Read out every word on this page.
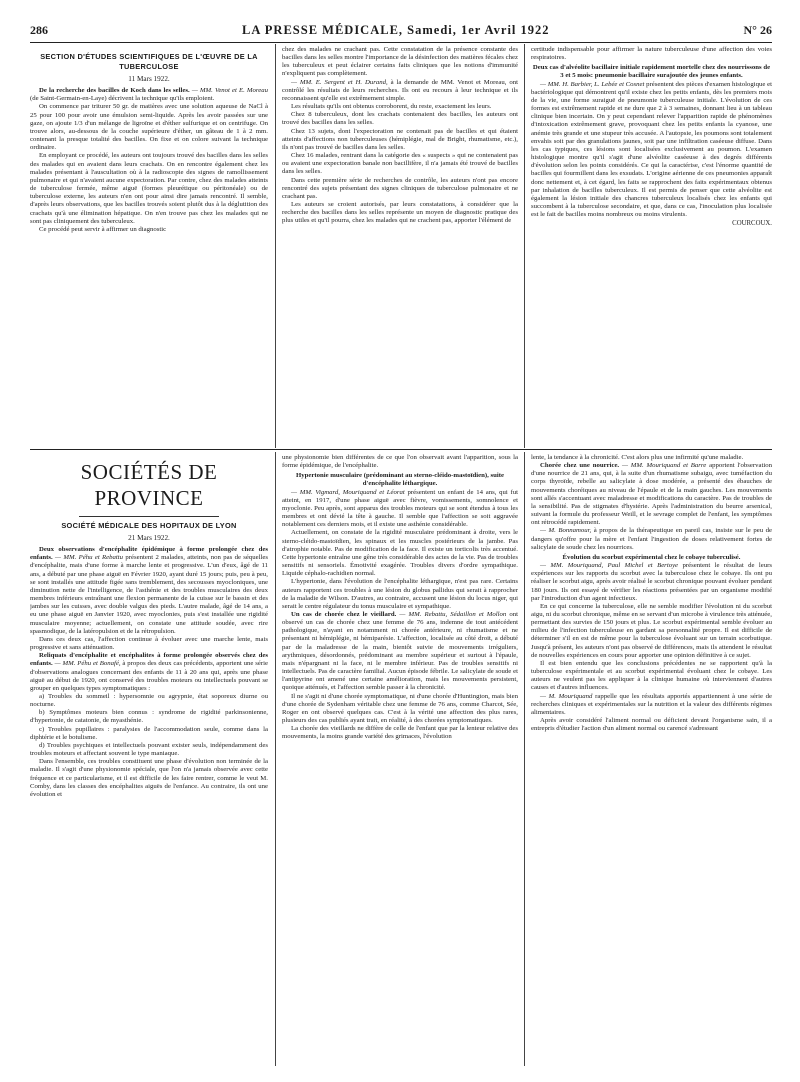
286	LA PRESSE MÉDICALE, Samedi, 1er Avril 1922	N° 26
SECTION D'ÉTUDES SCIENTIFIQUES DE L'ŒUVRE DE LA TUBERCULOSE
11 Mars 1922.

De la recherche des bacilles de Koch dans les selles. — MM. Venot et E. Moreau (de Saint-Germain-en-Laye) décrivent la technique qu'ils emploient.

On commence par triturer 50 gr. de matières avec une solution aqueuse de NaCl à 25 pour 100 pour avoir une émulsion semi-liquide. Après les avoir passées sur une gaze, on ajoute 1/3 d'un mélange de ligroïne et d'éther sulfurique et on centrifuge. On trouve alors, au-dessous de la couche supérieure d'éther, un gâteau de 1 à 2 mm. contenant la presque totalité des bacilles. On fixe et on colore suivant la technique ordinaire.

En employant ce procédé, les auteurs ont toujours trouvé des bacilles dans les selles des malades qui en avaient dans leurs crachats. On en rencontre également chez les malades présentant à l'auscultation où à la radioscopie des signes de ramollissement pulmonaire et qui n'avaient aucune expectoration. Par contre, chez des malades atteints de tuberculose fermée, même aiguë (formes pleurétique ou péritonéale) ou de tuberculose externe, les auteurs n'en ont pour ainsi dire jamais rencontré. Il semble, d'après leurs observations, que les bacilles trouvés soient plutôt dus à la déglutition des crachats qu'à une élimination hépatique. On n'en trouve pas chez les malades qui ne sont pas cliniquement des tuberculeux.

Ce procédé peut servir à affirmer un diagnostic

chez des malades ne crachant pas. Cette constatation de la présence constante des bacilles dans les selles montre l'importance de la désinfection des matières fécales chez les tuberculeux et peut éclairer certains faits cliniques que les notions d'immunité n'expliquent pas complètement.

— MM. E. Sergent et H. Durand, à la demande de MM. Venot et Moreau, ont contrôlé les résultats de leurs recherches. Ils ont eu recours à leur technique et ils reconnaissent qu'elle est extrêmement simple.

Les résultats qu'ils ont obtenus corroborent, du reste, exactement les leurs.

Chez 8 tuberculeux, dont les crachats contenaient des bacilles, les auteurs ont trouvé des bacilles dans les selles.

Chez 13 sujets, dont l'expectoration ne contenait pas de bacilles et qui étaient atteints d'affections non tuberculeuses (hémiplégie, mal de Bright, rhumatisme, etc.), ils n'ont pas trouvé de bacilles dans les selles.

Chez 16 malades, rentrant dans la catégorie des « suspects » qui ne contenaient pas ou avaient une expectoration banale non bacillifère, il n'a jamais été trouvé de bacilles dans les selles.

Dans cette première série de recherches de contrôle, les auteurs n'ont pas encore rencontré des sujets présentant des signes cliniques de tuberculose pulmonaire et ne crachant pas.

Les auteurs se croient autorisés, par leurs constatations, à considérer que la recherche des bacilles dans les selles représente un moyen de diagnostic pratique des plus utiles et qu'il pourra, chez les malades qui ne crachent pas, apporter l'élément de

certitude indispensable pour affirmer la nature tuberculeuse d'une affection des voies respiratoires.

Deux cas d'alvéolite bacillaire initiale rapidement mortelle chez des nourrissons de 3 et 5 mois: pneumonie bacillaire surajoutée des jeunes enfants.

— MM. H. Barbier, L. Lebée et Cosnet présentent des pièces d'examen histologique et bactériologique qui démontrent qu'il existe chez les petits enfants, dès les premiers mois de la vie, une forme suraiguë de pneumonie tuberculeuse initiale. L'évolution de ces formes est extrêmement rapide et ne dure que 2 à 3 semaines, donnant lieu à un tableau clinique bien incertain. On y peut cependant relever l'apparition rapide de phénomènes d'intoxication extrêmement grave, provoquant chez les petits enfants la cyanose, une anémie très grande et une stupeur très accusée. A l'autopsie, les poumons sont totalement envahis soit par des granulations jaunes, soit par une infiltration caséeuse diffuse. Dans les cas typiques, ces lésions sont localisées exclusivement au poumon. L'examen histologique montre qu'il s'agit d'une alvéolite caséeuse à des degrés différents d'évolution selon les points considérés. Ce qui la caractérise, c'est l'énorme quantité de bacilles qui fourmillent dans les exsudats. L'origine aérienne de ces pneumonies apparaît donc nettement et, à cet égard, les faits se rapprochent des faits expérimentaux obtenus par inhalation de bacilles tuberculeux. Il est permis de penser que cette alvéolite est également la lésion initiale des chancres tuberculeux localisés chez les enfants qui succombent à la tuberculose secondaire, et que, dans ce cas, l'inoculation plus localisée est le fait de bacilles moins nombreux ou moins virulents.

COURCOUX.
SOCIÉTÉS DE PROVINCE
SOCIÉTÉ MÉDICALE DES HOPITAUX DE LYON
21 Mars 1922.

Deux observations d'encéphalite épidémique à forme prolongée chez des enfants. — MM. Péhu et Rebattu présentent 2 malades, atteints, non pas de séquelles d'encéphalite, mais d'une forme à marche lente et progressive. L'un d'eux, âgé de 11 ans, a débuté par une phase aiguë en Février 1920, ayant duré 15 jours; puis, peu à peu, se sont installés une attitude figée sans tremblement, des secousses myocloniques, une diminution nette de l'intelligence, de l'asthénie et des troubles musculaires des deux membres inférieurs entraînant une flexion permanente de la cuisse sur le bassin et des jambes sur les cuisses, avec double valgus des pieds. L'autre malade, âgé de 14 ans, a eu une phase aiguë en Janvier 1920, avec myoclonies, puis s'est installée une rigidité musculaire moyenne; actuellement, on constate une attitude soudée, avec rire spasmodique, de la latéropulsion et de la rétropulsion.

Dans ces deux cas, l'affection continue à évoluer avec une marche lente, mais progressive et sans atténuation.

Reliquats d'encéphalite et encéphalites à forme prolongée observés chez des enfants. — MM. Péhu et Bonafé, à propos des deux cas précédents, apportent une série d'observations analogues concernant des enfants de 11 à 20 ans qui, après une phase aiguë au début de 1920, ont conservé des troubles moteurs ou intellectuels pouvant se grouper en quelques types symptomatiques :

a) Troubles du sommeil : hypersomnie ou agrypnie, état soporeux diurne ou nocturne.

b) Symptômes moteurs bien connus : syndrome de rigidité parkinsonienne, d'hypertonie, de catatonie, de myasthénie.

c) Troubles pupillaires : paralysies de l'accommodation seule, comme dans la diphtérie et le botulisme.

d) Troubles psychiques et intellectuels pouvant exister seuls, indépendamment des troubles moteurs et affectant souvent le type maniaque.

Dans l'ensemble, ces troubles constituent une phase d'évolution non terminée de la maladie. Il s'agit d'une physionomie spéciale, que l'on n'a jamais observée avec cette fréquence et ce particularisme, et il est difficile de les faire rentrer, comme le veut M. Comby, dans les classes des encéphalites aiguës de l'enfance. Au contraire, ils ont une évolution et

une physionomie bien différentes de ce que l'on observait avant l'apparition, sous la forme épidémique, de l'encéphalite.

Hypertonie musculaire (prédominant au sterno-cléido-mastoïdien), suite d'encéphalite léthargique.

— MM. Vigmard, Mouriquand et Léorat présentent un enfant de 14 ans, qui fut atteint, en 1917, d'une phase aiguë avec fièvre, vomissements, somnolence et myoclonie. Peu après, sont apparus des troubles moteurs qui se sont étendus à tous les membres et ont dévié la tête à gauche. Il semble que l'affection se soit aggravée notablement ces derniers mois, et il existe une asthénie considérable.

Actuellement, on constate de la rigidité musculaire prédominant à droite, vers le sterno-cléido-mastoïdien, les spinaux et les muscles postérieurs de la jambe. Pas d'atrophie notable. Pas de modification de la face. Il existe un torticolis très accentué. Cette hypertonie entraîne une gêne très considérable des actes de la vie. Pas de troubles sensitifs ni sensoriels. Émotivité exagérée. Troubles divers d'ordre sympathique. Liquide céphalo-rachidien normal.

L'hypertonie, dans l'évolution de l'encéphalite léthargique, n'est pas rare. Certains auteurs rapportent ces troubles à une lésion du globus pallidus qui serait à rapprocher de la maladie de Wilson. D'autres, au contraire, accusent une lésion du locus niger, qui serait le centre régulateur du tonus musculaire et sympathique.

Un cas de chorée chez le vieillard. — MM. Rebattu, Sédaillon et Mollon ont observé un cas de chorée chez une femme de 76 ans, indemne de tout antécédent pathologique, n'ayant en notamment ni chorée antérieure, ni rhumatisme et ne présentant ni hémiplégie, ni hémiparésie. L'affection, localisée au côté droit, a débuté par de la maladresse de la main, bientôt suivie de mouvements irréguliers, arythmiques, désordonnés, prédominant au membre supérieur et surtout à l'épaule, mais n'épargnant ni la face, ni le membre inférieur. Pas de troubles sensitifs ni intellectuels. Pas de caractère familial. Aucun épisode fébrile. Le salicylate de soude et l'antipyrine ont amené une certaine amélioration, mais les mouvements persistent, quoique atténués, et l'affection semble passer à la chronicité.

Il ne s'agit ni d'une chorée symptomatique, ni d'une chorée d'Huntington, mais bien d'une chorée de Sydenham véritable chez une femme de 76 ans, comme Charcot, Sée, Roger en ont observé quelques cas. C'est à la vérité une affection des plus rares, plusieurs des cas publiés ayant trait, en réalité, à des chorées symptomatiques.

La chorée des vieillards ne diffère de celle de l'enfant que par la lenteur relative des mouvements, la moins grande variété des grimaces, l'évolution

lente, la tendance à la chronicité. C'est alors plus une infirmité qu'une maladie.

Chorée chez une nourrice. — MM. Mouriquand et Barre apportent l'observation d'une nourrice de 21 ans, qui, à la suite d'un rhumatisme subaigu, avec tuméfaction du corps thyroïde, rebelle au salicylate à dose modérée, a présenté des ébauches de mouvements choréiques au niveau de l'épaule et de la main gauches. Les mouvements sont allés s'accentuant avec maladresse et modifications du caractère. Pas de troubles de la sensibilité. Pas de stigmates d'hystérie. Après l'administration du beurre arsenical, suivant la formule du professeur Weill, et le sevrage complet de l'enfant, les symptômes ont rétrocédé rapidement.

— M. Bonnamour, à propos de la thérapeutique en pareil cas, insiste sur le peu de dangers qu'offre pour la mère et l'enfant l'ingestion de doses relativement fortes de salicylate de soude chez les nourrices.

Évolution du scorbut expérimental chez le cobaye tuberculisé.

— MM. Mouriquand, Paul Michel et Bertoye présentent le résultat de leurs expériences sur les rapports du scorbut avec la tuberculose chez le cobaye. Ils ont pu réaliser le scorbut aigu, après avoir réalisé le scorbut chronique pouvant évoluer pendant 180 jours. Ils ont essayé de vérifier les réactions présentées par un organisme modifié par l'introduction d'un agent infectieux.

En ce qui concerne la tuberculose, elle ne semble modifier l'évolution ni du scorbut aigu, ni du scorbut chronique, même en se servant d'un microbe à virulence très atténuée, permettant des survies de 150 jours et plus. Le scorbut expérimental semble évoluer au milieu de l'infection tuberculeuse en gardant sa personnalité propre. Il est difficile de déterminer s'il en est de même pour la tuberculose évoluant sur un terrain scorbutique. Jusqu'à présent, les auteurs n'ont pas observé de différences, mais ils attendent le résultat de nouvelles expériences en cours pour apporter une opinion définitive à ce sujet.

Il est bien entendu que les conclusions précédentes ne se rapportent qu'à la tuberculose expérimentale et au scorbut expérimental évoluant chez le cobaye. Les auteurs ne veulent pas les appliquer à la clinique humaine où interviennent d'autres causes et d'autres influences.

— M. Mouriquand rappelle que les résultats apportés appartiennent à une série de recherches cliniques et expérimentales sur la nutrition et la valeur des différents régimes alimentaires.

Après avoir considéré l'aliment normal ou déficient devant l'organisme sain, il a entrepris d'étudier l'action d'un aliment normal ou carencé s'adressant
